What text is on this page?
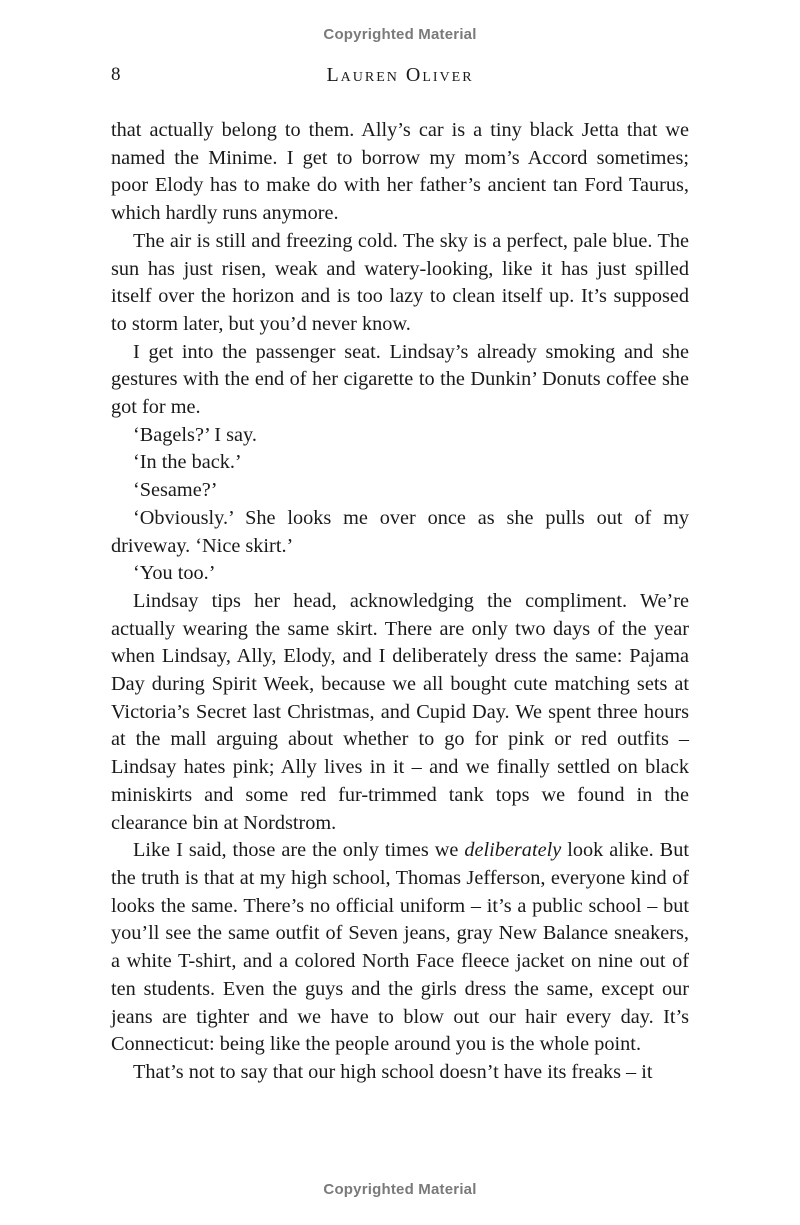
Copyrighted Material
8	Lauren Oliver

that actually belong to them. Ally’s car is a tiny black Jetta that we named the Minime. I get to borrow my mom’s Accord sometimes; poor Elody has to make do with her father’s ancient tan Ford Taurus, which hardly runs anymore.

The air is still and freezing cold. The sky is a perfect, pale blue. The sun has just risen, weak and watery-looking, like it has just spilled itself over the horizon and is too lazy to clean itself up. It’s supposed to storm later, but you’d never know.

I get into the passenger seat. Lindsay’s already smoking and she gestures with the end of her cigarette to the Dunkin’ Donuts coffee she got for me.

‘Bagels?’ I say.

‘In the back.’

‘Sesame?’

‘Obviously.’ She looks me over once as she pulls out of my driveway. ‘Nice skirt.’

‘You too.’

Lindsay tips her head, acknowledging the compliment. We’re actually wearing the same skirt. There are only two days of the year when Lindsay, Ally, Elody, and I deliberately dress the same: Pajama Day during Spirit Week, because we all bought cute matching sets at Victoria’s Secret last Christmas, and Cupid Day. We spent three hours at the mall arguing about whether to go for pink or red outfits – Lindsay hates pink; Ally lives in it – and we finally settled on black miniskirts and some red fur-trimmed tank tops we found in the clearance bin at Nordstrom.

Like I said, those are the only times we deliberately look alike. But the truth is that at my high school, Thomas Jefferson, everyone kind of looks the same. There’s no official uniform – it’s a public school – but you’ll see the same outfit of Seven jeans, gray New Balance sneakers, a white T-shirt, and a colored North Face fleece jacket on nine out of ten students. Even the guys and the girls dress the same, except our jeans are tighter and we have to blow out our hair every day. It’s Connecticut: being like the people around you is the whole point.

That’s not to say that our high school doesn’t have its freaks – it

Copyrighted Material
